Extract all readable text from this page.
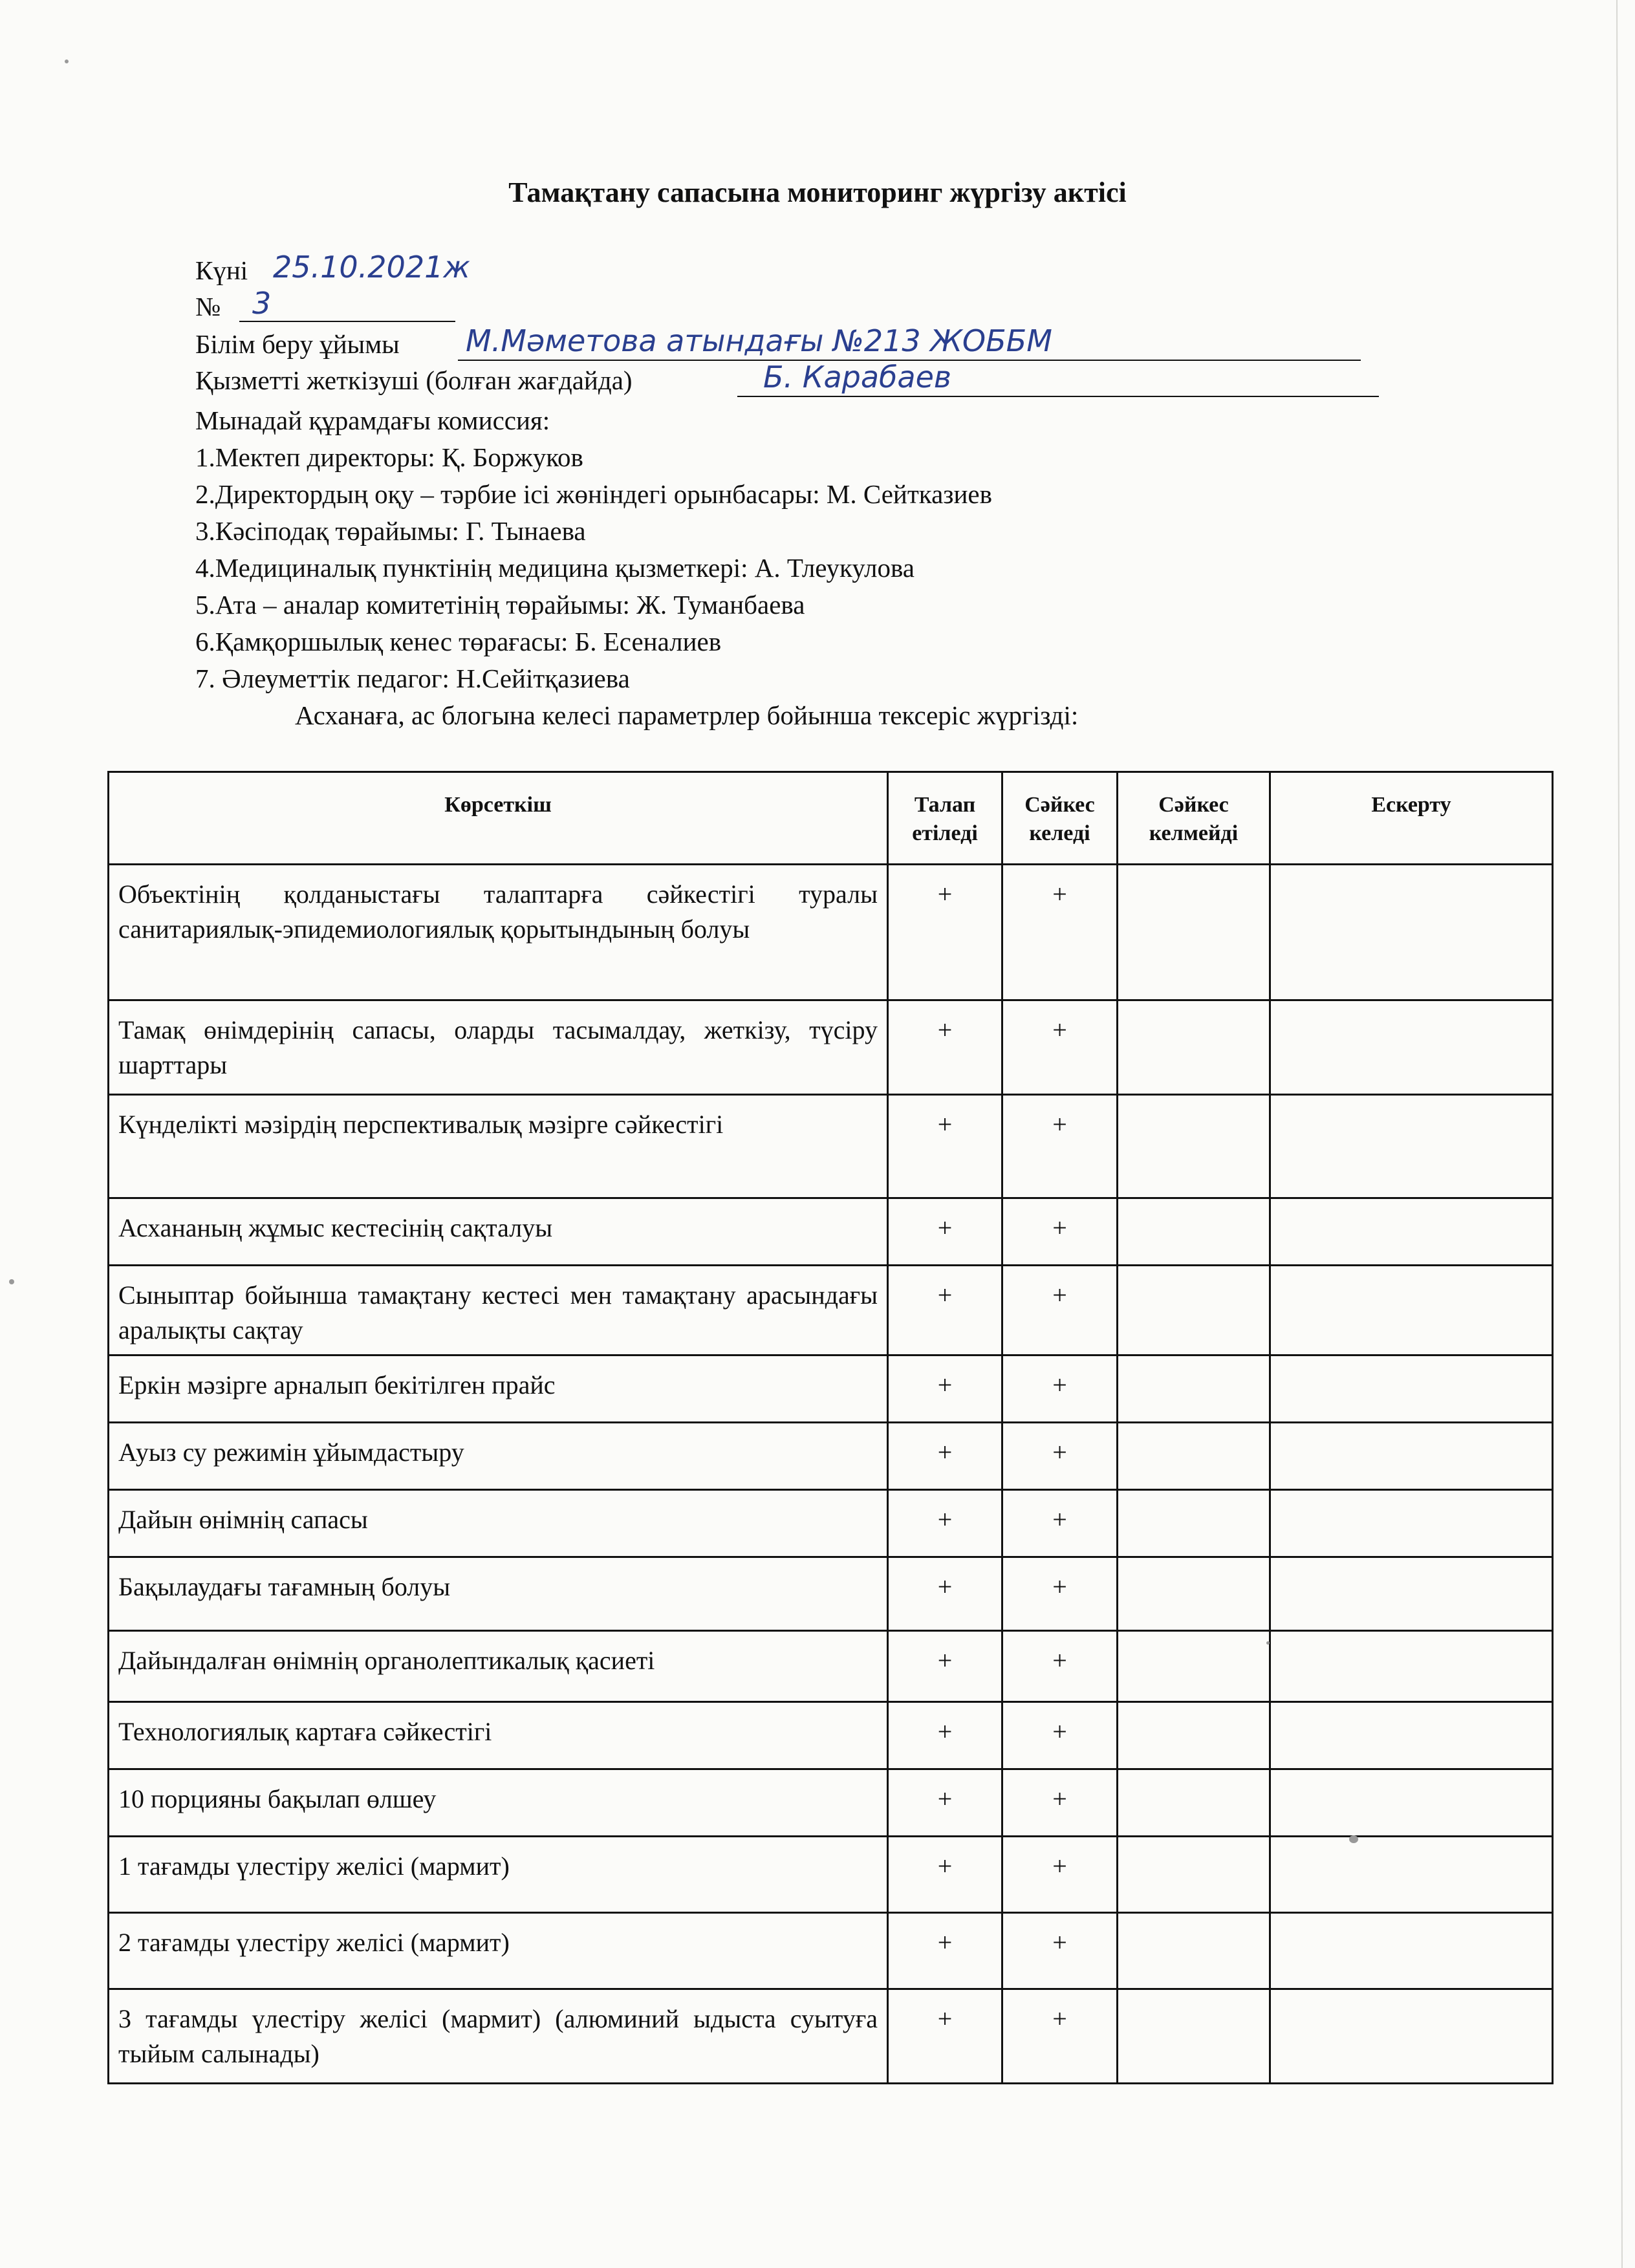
Тамақтану сапасына мониторинг жүргізу актісі
Күні 25.10.2021ж
№ 3
Білім беру ұйымы М.Мәметова атындағы №213 ЖОББМ
Қызметті жеткізуші (болған жағдайда)	Б. Карабаев
Мынадай құрамдағы комиссия:
1.Мектеп директоры: Қ. Боржуков
2.Директордың оқу – тәрбие ісі жөніндегі орынбасары: М. Сейтказиев
3.Кәсіподақ төрайымы: Г. Тынаева
4.Медициналық пунктінің медицина қызметкері: А. Тлеукулова
5.Ата – аналар комитетінің төрайымы: Ж. Туманбаева
6.Қамқоршылық кенес төрағасы: Б. Есеналиев
7. Әлеуметтік педагог: Н.Сейітқазиева
Асханаға, ас блогына келесі параметрлер бойынша тексеріс жүргізді:
Көрсеткіш	Талап етіледі	Сәйкес келеді	Сәйкес келмейді	Ескерту
Объектінің қолданыстағы талаптарға сәйкестігі туралы санитариялық-эпидемиологиялық қорытындының болуы	+	+		
Тамақ өнімдерінің сапасы, оларды тасымалдау, жеткізу, түсіру шарттары	+	+		
Күнделікті мәзірдің перспективалық мәзірге сәйкестігі	+	+		
Асхананың жұмыс кестесінің сақталуы	+	+		
Сыныптар бойынша тамақтану кестесі мен тамақтану арасындағы аралықты сақтау	+	+		
Еркін мәзірге арналып бекітілген прайс	+	+		
Ауыз су режимін ұйымдастыру	+	+		
Дайын өнімнің сапасы	+	+		
Бақылаудағы тағамның болуы	+	+		
Дайындалған өнімнің органолептикалық қасиеті	+	+		
Технологиялық картаға сәйкестігі	+	+		
10 порцияны бақылап өлшеу	+	+		
1 тағамды үлестіру желісі (мармит)	+	+		
2 тағамды үлестіру желісі (мармит)	+	+		
3 тағамды үлестіру желісі (мармит) (алюминий ыдыста суытуға тыйым салынады)	+	+		
